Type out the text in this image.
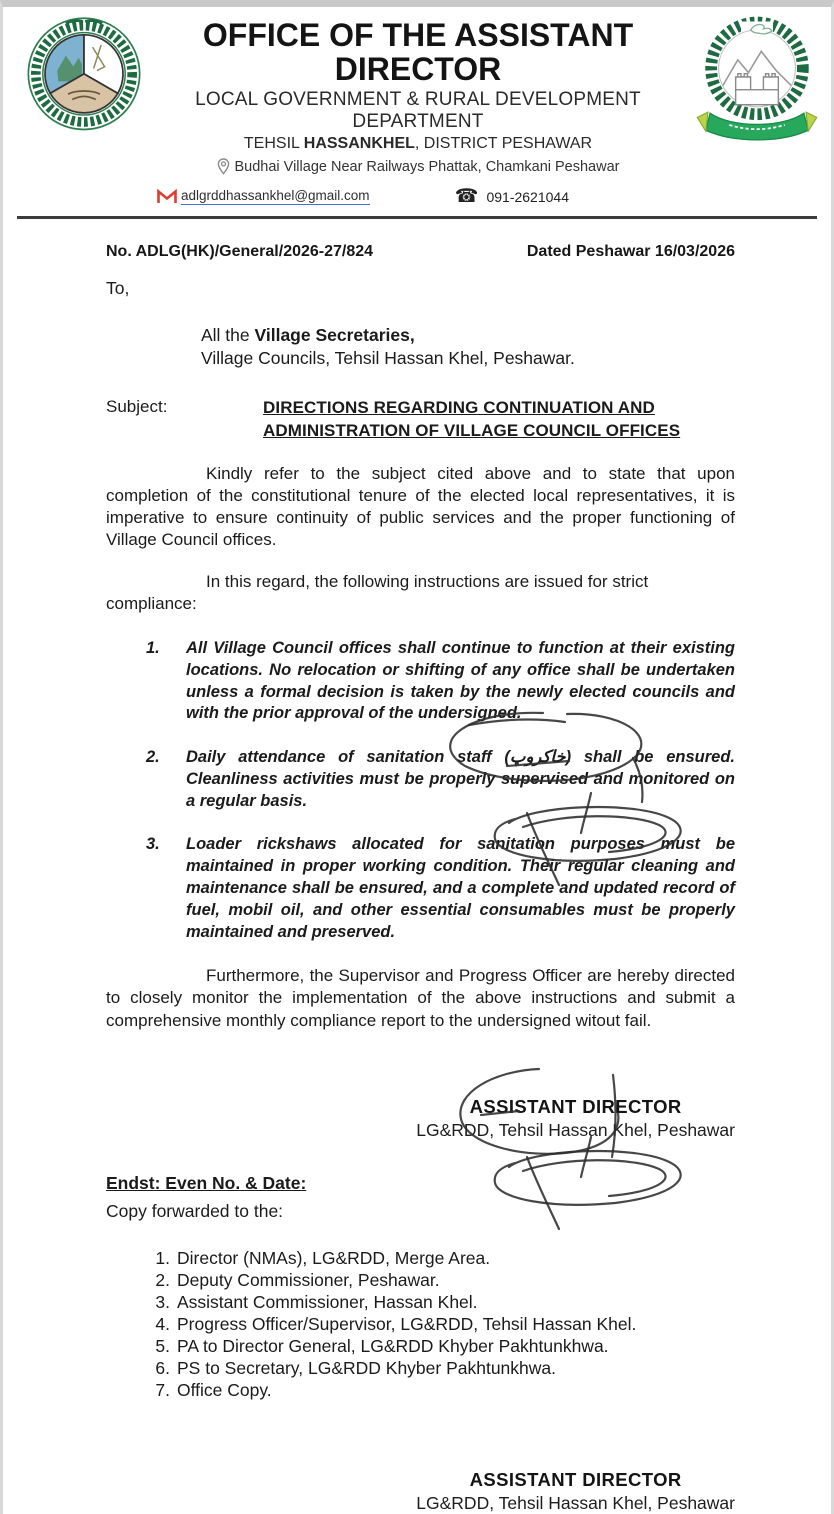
OFFICE OF THE ASSISTANT DIRECTOR
LOCAL GOVERNMENT & RURAL DEVELOPMENT DEPARTMENT
TEHSIL HASSANKHEL, DISTRICT PESHAWAR
Budhai Village Near Railways Phattak, Chamkani Peshawar
adlgrddhassankhel@gmail.com	☎ 091-2621044
No. ADLG(HK)/General/2026-27/824	Dated Peshawar 16/03/2026
To,
All the Village Secretaries,
Village Councils, Tehsil Hassan Khel, Peshawar.
Subject:	DIRECTIONS REGARDING CONTINUATION AND ADMINISTRATION OF VILLAGE COUNCIL OFFICES

Kindly refer to the subject cited above and to state that upon completion of the constitutional tenure of the elected local representatives, it is imperative to ensure continuity of public services and the proper functioning of Village Council offices.

In this regard, the following instructions are issued for strict compliance:

1.	All Village Council offices shall continue to function at their existing locations. No relocation or shifting of any office shall be undertaken unless a formal decision is taken by the newly elected councils and with the prior approval of the undersigned.
2.	Daily attendance of sanitation staff (خاکروپ) shall be ensured. Cleanliness activities must be properly supervised and monitored on a regular basis.
3.	Loader rickshaws allocated for sanitation purposes must be maintained in proper working condition. Their regular cleaning and maintenance shall be ensured, and a complete and updated record of fuel, mobil oil, and other essential consumables must be properly maintained and preserved.

Furthermore, the Supervisor and Progress Officer are hereby directed to closely monitor the implementation of the above instructions and submit a comprehensive monthly compliance report to the undersigned witout fail.

ASSISTANT DIRECTOR
LG&RDD, Tehsil Hassan Khel, Peshawar
Endst: Even No. & Date:
Copy forwarded to the:
1. Director (NMAs), LG&RDD, Merge Area.
2. Deputy Commissioner, Peshawar.
3. Assistant Commissioner, Hassan Khel.
4. Progress Officer/Supervisor, LG&RDD, Tehsil Hassan Khel.
5. PA to Director General, LG&RDD Khyber Pakhtunkhwa.
6. PS to Secretary, LG&RDD Khyber Pakhtunkhwa.
7. Office Copy.
ASSISTANT DIRECTOR
LG&RDD, Tehsil Hassan Khel, Peshawar
